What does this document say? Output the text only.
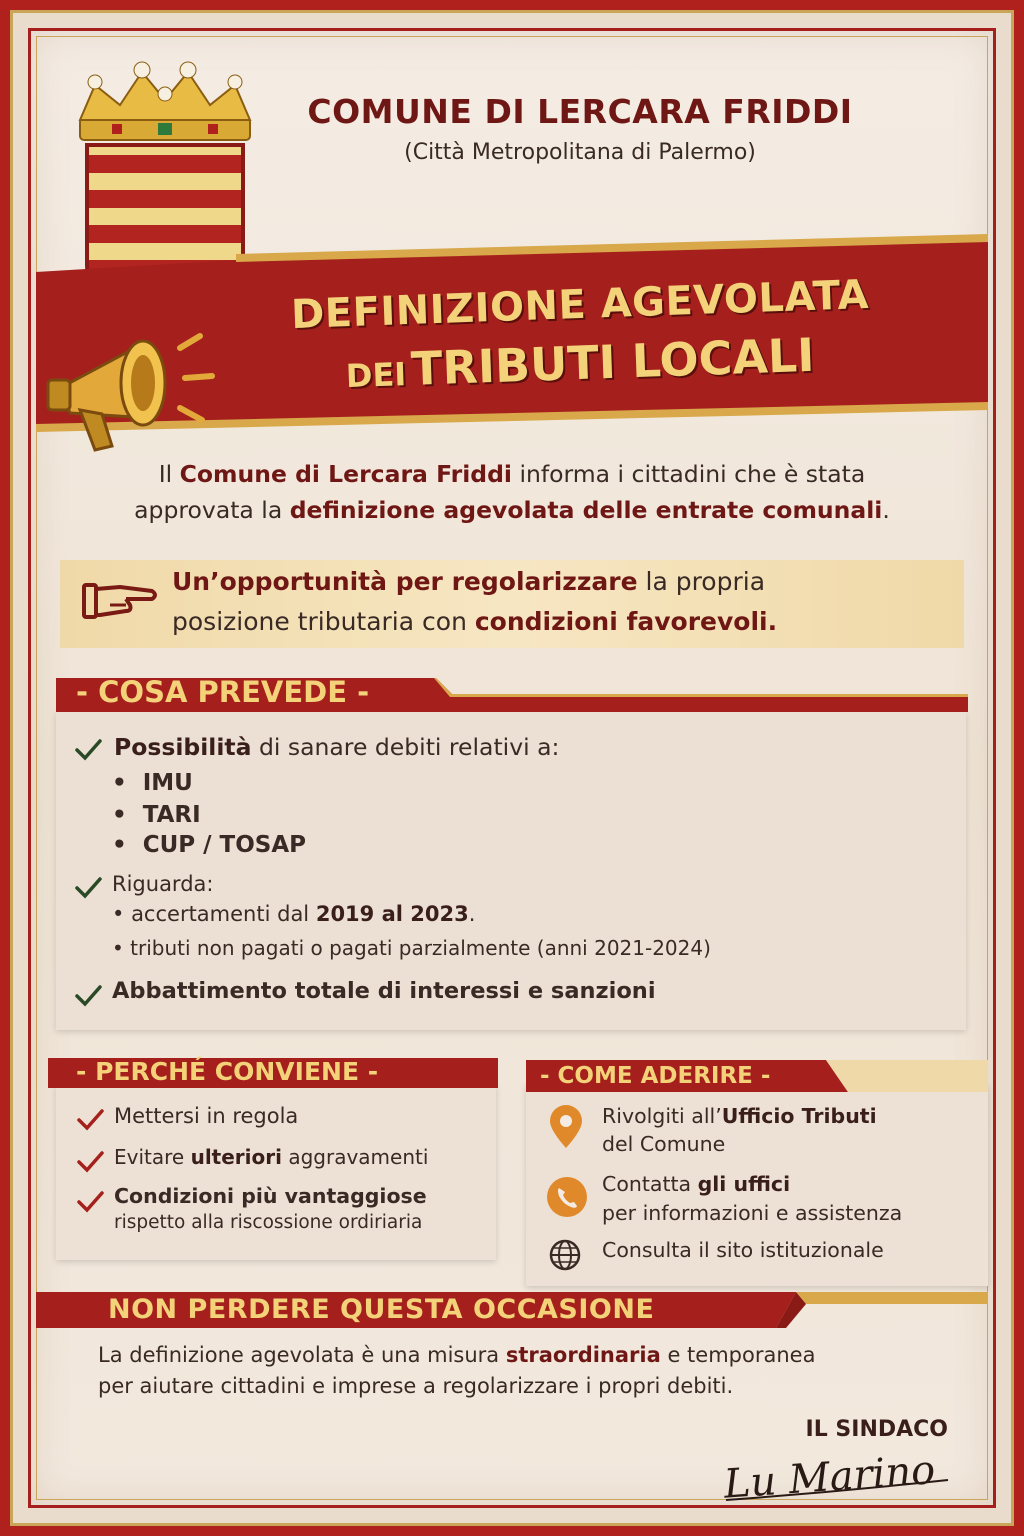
COMUNE DI LERCARA FRIDDI
(Città Metropolitana di Palermo)
DEFINIZIONE AGEVOLATA
DEI TRIBUTI LOCALI
Il Comune di Lercara Friddi informa i cittadini che è stata
approvata la definizione agevolata delle entrate comunali.
Un’opportunità per regolarizzare la propria
posizione tributaria con condizioni favorevoli.
- COSA PREVEDE -
Possibilità di sanare debiti relativi a:
•  IMU
•  TARI
•  CUP / TOSAP
Riguarda:
• accertamenti dal 2019 al 2023.
• tributi non pagati o pagati parzialmente (anni 2021-2024)
Abbattimento totale di interessi e sanzioni
- PERCHÉ CONVIENE -
Mettersi in regola
Evitare ulteriori aggravamenti
Condizioni più vantaggiose
rispetto alla riscossione ordiriaria
- COME ADERIRE -
Rivolgiti all’Ufficio Tributi
del Comune
Contatta gli uffici
per informazioni e assistenza
Consulta il sito istituzionale
NON PERDERE QUESTA OCCASIONE
La definizione agevolata è una misura straordinaria e temporanea
per aiutare cittadini e imprese a regolarizzare i propri debiti.
IL SINDACO
Lu Marino
